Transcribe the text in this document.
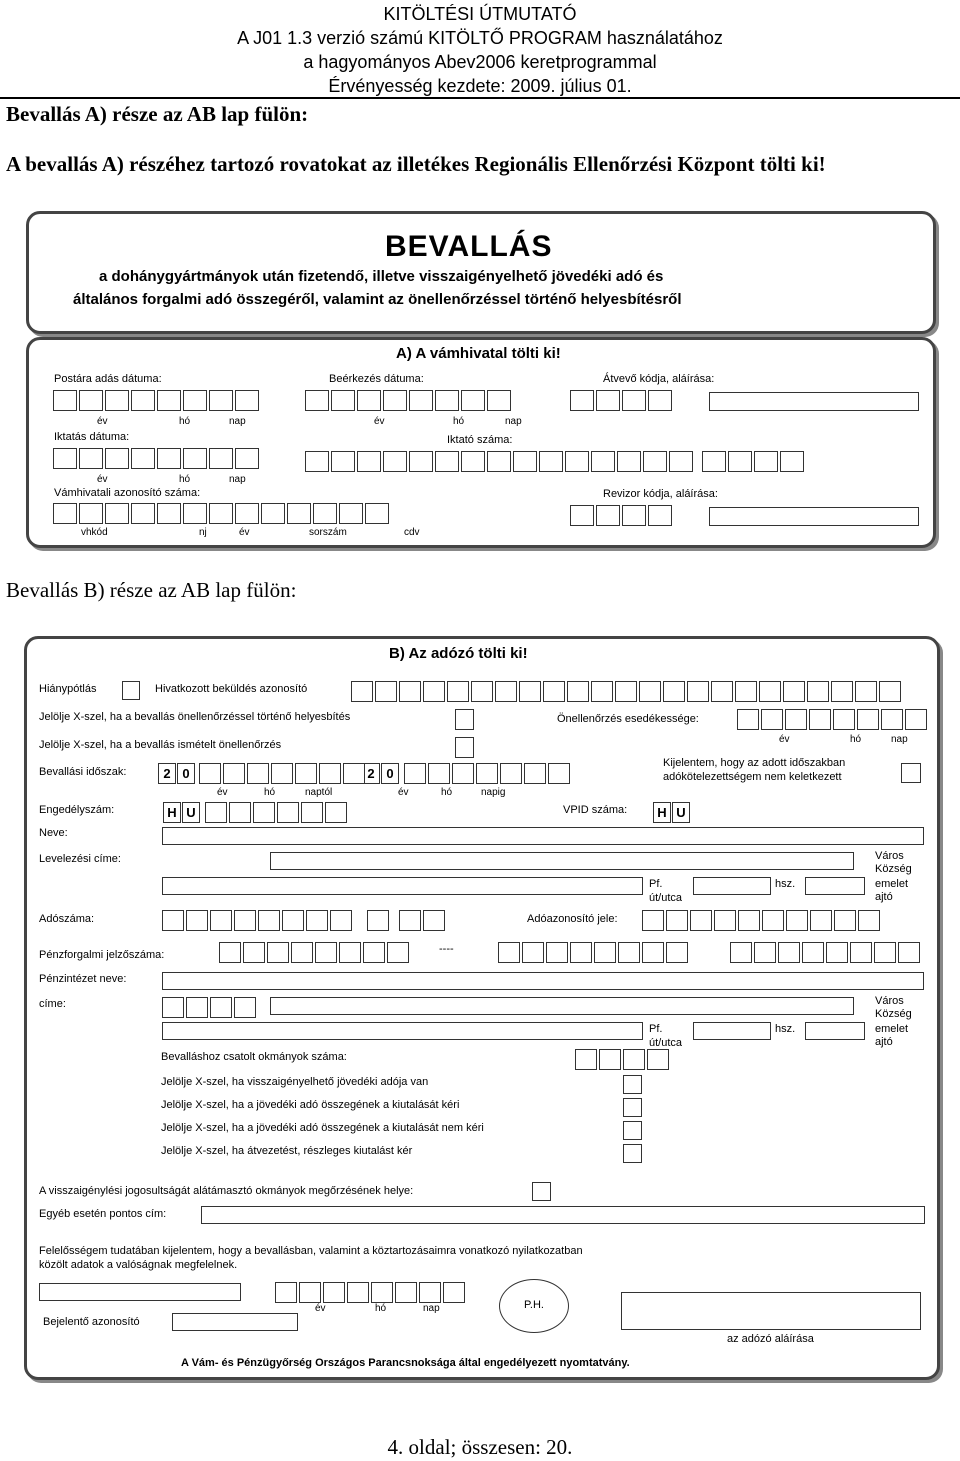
KITÖLTÉSI ÚTMUTATÓ
A J01 1.3 verzió számú KITÖLTŐ PROGRAM használatához
a hagyományos Abev2006 keretprogrammal
Érvényesség kezdete: 2009. július 01.
Bevallás A) része az AB lap fülön:
A bevallás A) részéhez tartozó rovatokat az illetékes Regionális Ellenőrzési Központ tölti ki!
BEVALLÁS
a dohánygyártmányok után fizetendő, illetve visszaigényelhető jövedéki adó és
általános forgalmi adó összegéről, valamint az önellenőrzéssel történő helyesbítésről
A) A vámhivatal tölti ki!
Postára adás dátuma:	Beérkezés dátuma:	Átvevő kódja, aláírása:
év	hó	nap	év	hó	nap
Iktatás dátuma:	Iktató száma:
év	hó	nap
Vámhivatali azonosító száma:	Revizor kódja, aláírása:
vhkód	nj	év	sorszám	cdv
Bevallás B) része az AB lap fülön:
B) Az adózó tölti ki!
Hiánypótlás	Hivatkozott beküldés azonosító
Jelölje X-szel, ha a bevallás önellenőrzéssel történő helyesbítés	Önellenőrzés esedékessége:
Jelölje X-szel, ha a bevallás ismételt önellenőrzés	év	hó	nap
Bevallási időszak:	2 0	2 0
év	hó	naptól	év	hó	napig
Kijelentem, hogy az adott időszakban adókötelezettségem nem keletkezett
Engedélyszám:	H U	VPID száma:	H U
Neve:
Levelezési címe:	Város Község
Pf.
út/utca
hsz.	emelet ajtó
Adószáma:	Adóazonosító jele:
Pénzforgalmi jelzőszáma:	----
Pénzintézet neve:
címe:	Város Község
Pf.
út/utca
hsz.	emelet ajtó
Bevalláshoz csatolt okmányok száma:
Jelölje X-szel, ha visszaigényelhető jövedéki adója van
Jelölje X-szel, ha a jövedéki adó összegének a kiutalását kéri
Jelölje X-szel, ha a jövedéki adó összegének a kiutalását nem kéri
Jelölje X-szel, ha átvezetést, részleges kiutalást kér
A visszaigénylési jogosultságát alátámasztó okmányok megőrzésének helye:
Egyéb esetén pontos cím:
Felelősségem tudatában kijelentem, hogy a bevallásban, valamint a köztartozásaimra vonatkozó nyilatkozatban
közölt adatok a valóságnak megfelelnek.
év	hó	nap
Bejelentő azonosító
P.H.
az adózó aláírása
A Vám- és Pénzügyőrség Országos Parancsnoksága által engedélyezett nyomtatvány.
4. oldal; összesen: 20.
